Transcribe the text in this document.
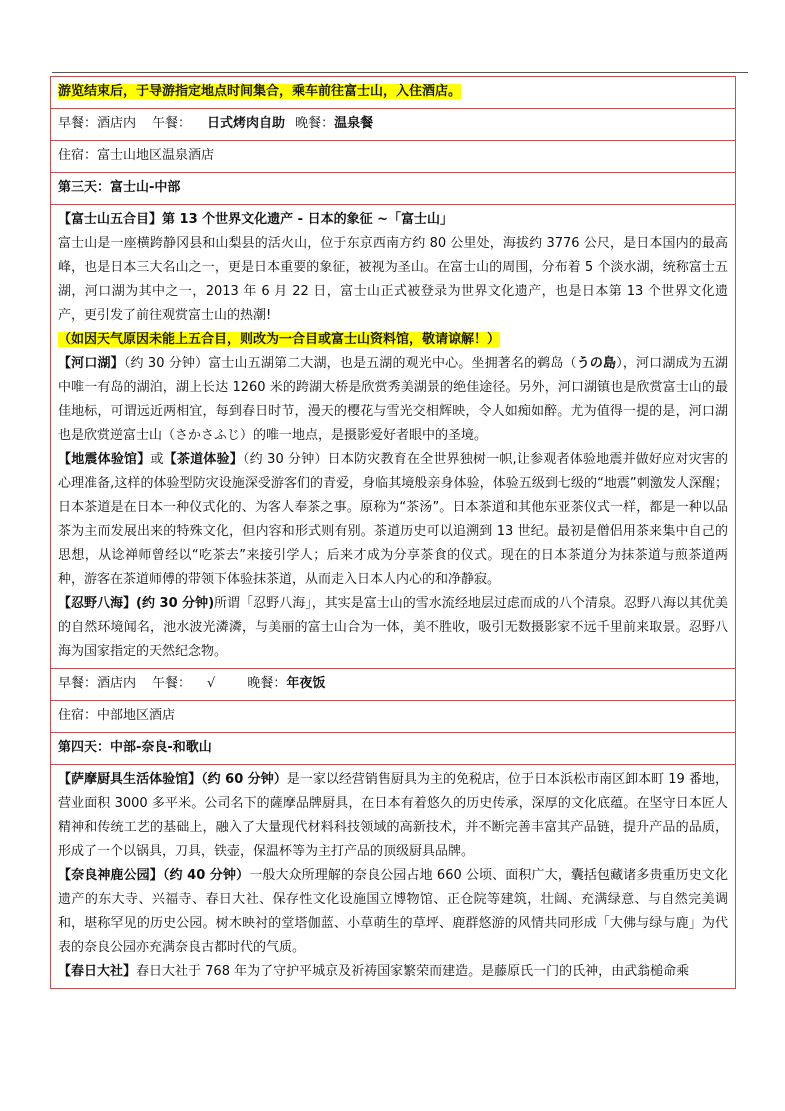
游览结束后，于导游指定地点时间集合，乘车前往富士山，入住酒店。
早餐：酒店内 午餐： 日式烤肉自助 晚餐：温泉餐
住宿：富士山地区温泉酒店
第三天：富士山-中部

【富士山五合目】第 13 个世界文化遗产 - 日本的象征 ~「富士山」

富士山是一座横跨静冈县和山梨县的活火山，位于东京西南方约 80 公里处，海拔约 3776 公尺，是日本国内的最高峰，也是日本三大名山之一，更是日本重要的象征，被视为圣山。在富士山的周围，分布着 5 个淡水湖，统称富士五湖，河口湖为其中之一，2013 年 6 月 22 日，富士山正式被登录为世界文化遗产，也是日本第 13 个世界文化遗产，更引发了前往观赏富士山的热潮!

（如因天气原因未能上五合目，则改为一合目或富士山资料馆，敬请谅解！）

【河口湖】（约 30 分钟）富士山五湖第二大湖，也是五湖的观光中心。坐拥著名的鹈岛（うの島），河口湖成为五湖中唯一有岛的湖泊，湖上长达 1260 米的跨湖大桥是欣赏秀美湖景的绝佳途径。另外，河口湖镇也是欣赏富士山的最佳地标，可谓远近两相宜，每到春日时节，漫天的樱花与雪光交相辉映，令人如痴如醉。尤为值得一提的是，河口湖也是欣赏逆富士山（さかさふじ）的唯一地点，是摄影爱好者眼中的圣境。

【地震体验馆】或【茶道体验】（约 30 分钟）日本防灾教育在全世界独树一帜,让参观者体验地震并做好应对灾害的心理准备,这样的体验型防灾设施深受游客们的青爱，身临其境般亲身体验，体验五级到七级的“地震”刺激发人深醒；日本茶道是在日本一种仪式化的、为客人奉茶之事。原称为“茶汤”。日本茶道和其他东亚茶仪式一样，都是一种以品茶为主而发展出来的特殊文化，但内容和形式则有别。茶道历史可以追溯到 13 世纪。最初是僧侣用茶来集中自己的思想，从谂禅师曾经以“吃茶去”来接引学人；后来才成为分享茶食的仪式。现在的日本茶道分为抹茶道与煎茶道两种，游客在茶道师傅的带领下体验抹茶道，从而走入日本人内心的和净静寂。

【忍野八海】(约 30 分钟)所谓「忍野八海」，其实是富士山的雪水流经地层过虑而成的八个清泉。忍野八海以其优美的自然环境闻名，池水波光潾潾，与美丽的富士山合为一体，美不胜收，吸引无数摄影家不远千里前来取景。忍野八海为国家指定的天然纪念物。

早餐：酒店内 午餐： √ 晚餐：年夜饭
住宿：中部地区酒店
第四天：中部-奈良-和歌山

【萨摩厨具生活体验馆】（约 60 分钟）是一家以经营销售厨具为主的免税店，位于日本浜松市南区卸本町 19 番地，营业面积 3000 多平米。公司名下的薩摩品牌厨具，在日本有着悠久的历史传承，深厚的文化底蕴。在坚守日本匠人精神和传统工艺的基础上，融入了大量现代材料科技领域的高新技术，并不断完善丰富其产品链，提升产品的品质，形成了一个以锅具，刀具，铁壶，保温杯等为主打产品的顶级厨具品牌。

【奈良神鹿公园】（约 40 分钟）一般大众所理解的奈良公园占地 660 公顷、面积广大，囊括包藏诸多贵重历史文化遗产的东大寺、兴福寺、春日大社、保存性文化设施国立博物馆、正仓院等建筑，壮阔、充满绿意、与自然完美调和，堪称罕见的历史公园。树木映衬的堂塔伽蓝、小草萌生的草坪、鹿群悠游的风情共同形成「大佛与绿与鹿」为代表的奈良公园亦充满奈良古都时代的气质。

【春日大社】春日大社于 768 年为了守护平城京及祈祷国家繁荣而建造。是藤原氏一门的氏神，由武翁槌命乘
